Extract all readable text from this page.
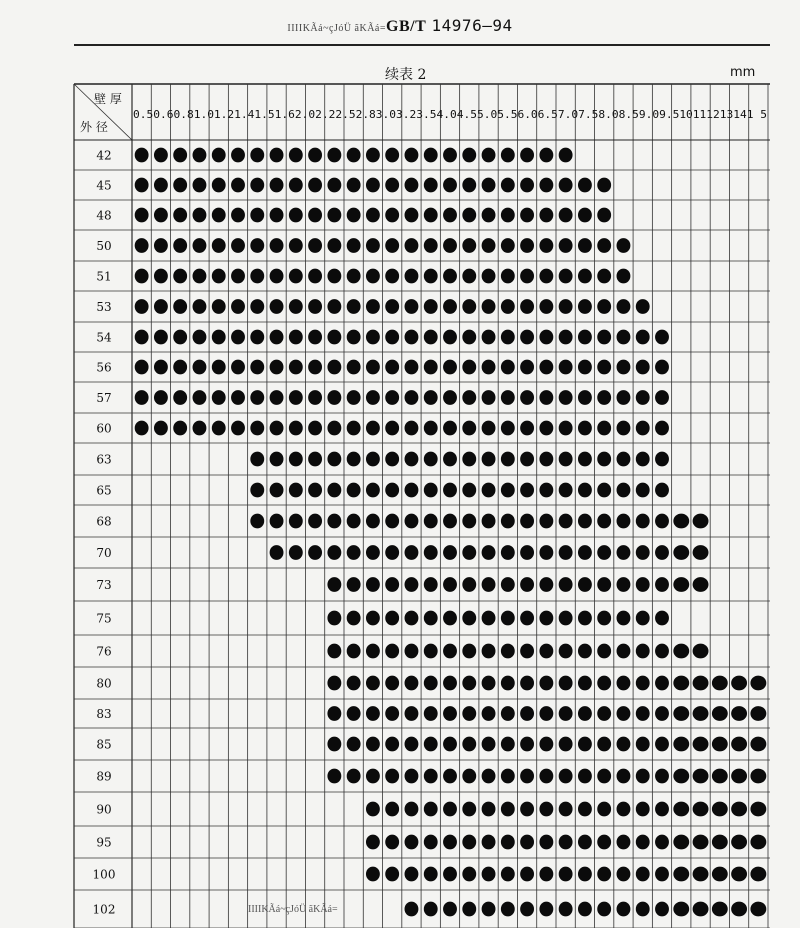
ΙΙΙΙΚÃá~çJóÜ ãKÃá=GB/T 14976—94
续表 2	mm
壁 厚
外 径
0.50.60.81.01.21.41.51.62.02.22.52.83.03.23.54.04.55.05.56.06.57.07.58.08.59.09.510111213141 5
42
45
48
50
51
53
54
56
57
60
63
65
68
70
73
75
76
80
83
85
89
90
95
100
102	ΙΙΙΙΚÃá~çJóÜ ãKÃá=
